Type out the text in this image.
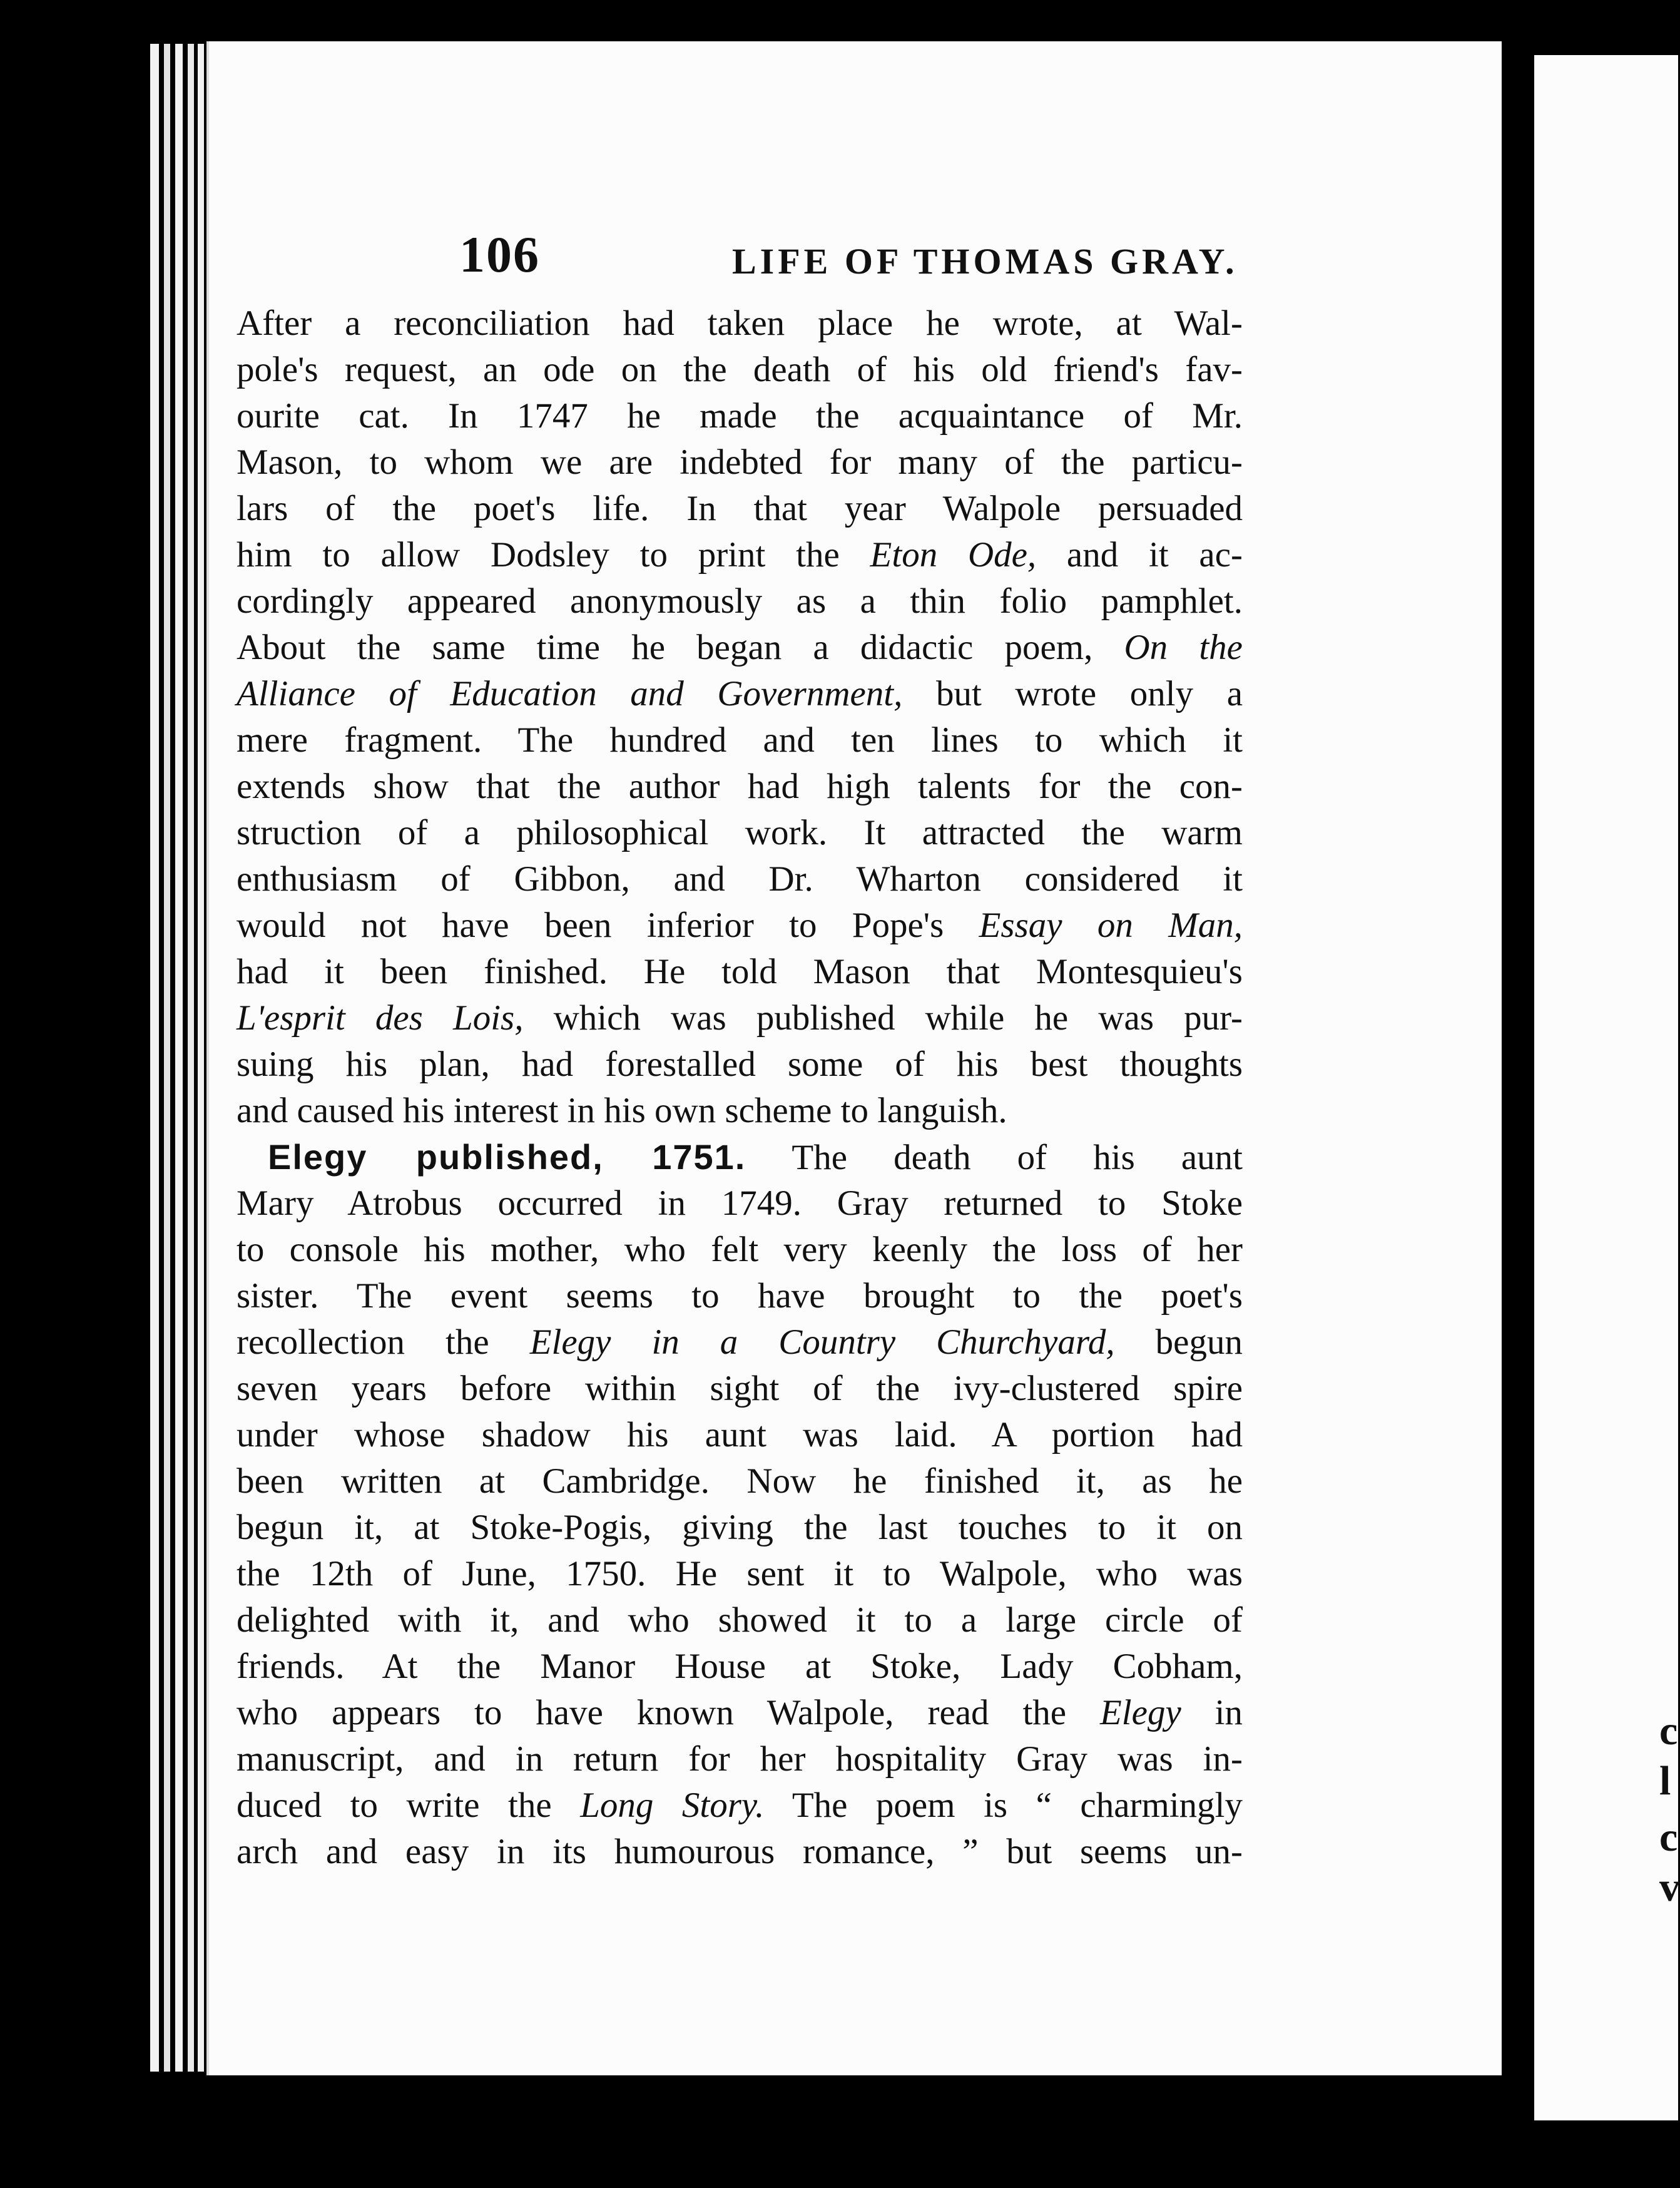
106	LIFE OF THOMAS GRAY.
After a reconciliation had taken place he wrote, at Wal-
pole's request, an ode on the death of his old friend's fav-
ourite cat. In 1747 he made the acquaintance of Mr.
Mason, to whom we are indebted for many of the particu-
lars of the poet's life. In that year Walpole persuaded
him to allow Dodsley to print the Eton Ode, and it ac-
cordingly appeared anonymously as a thin folio pamphlet.
About the same time he began a didactic poem, On the
Alliance of Education and Government, but wrote only a
mere fragment. The hundred and ten lines to which it
extends show that the author had high talents for the con-
struction of a philosophical work. It attracted the warm
enthusiasm of Gibbon, and Dr. Wharton considered it
would not have been inferior to Pope's Essay on Man,
had it been finished. He told Mason that Montesquieu's
L'esprit des Lois, which was published while he was pur-
suing his plan, had forestalled some of his best thoughts
and caused his interest in his own scheme to languish.
Elegy published, 1751. The death of his aunt
Mary Atrobus occurred in 1749. Gray returned to Stoke
to console his mother, who felt very keenly the loss of her
sister. The event seems to have brought to the poet's
recollection the Elegy in a Country Churchyard, begun
seven years before within sight of the ivy-clustered spire
under whose shadow his aunt was laid. A portion had
been written at Cambridge. Now he finished it, as he
begun it, at Stoke-Pogis, giving the last touches to it on
the 12th of June, 1750. He sent it to Walpole, who was
delighted with it, and who showed it to a large circle of
friends. At the Manor House at Stoke, Lady Cobham,
who appears to have known Walpole, read the Elegy in
manuscript, and in return for her hospitality Gray was in-
duced to write the Long Story. The poem is “ charmingly
arch and easy in its humourous romance, ” but seems un-
c
l
c
v
